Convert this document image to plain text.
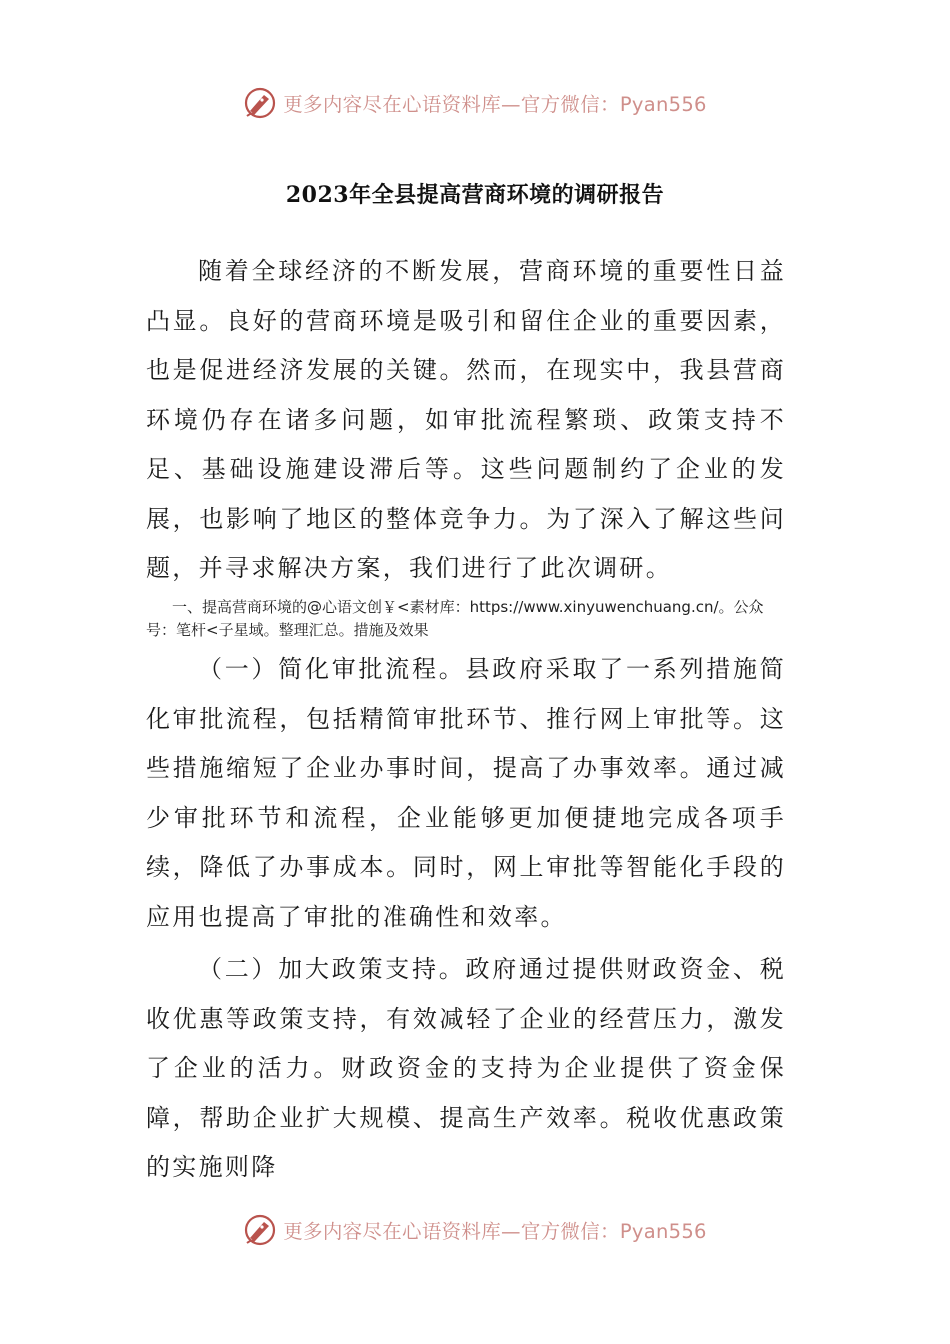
更多内容尽在心语资料库—官方微信：Pyan556
2023年全县提高营商环境的调研报告

随着全球经济的不断发展，营商环境的重要性日益凸显。良好的营商环境是吸引和留住企业的重要因素，也是促进经济发展的关键。然而，在现实中，我县营商环境仍存在诸多问题，如审批流程繁琐、政策支持不足、基础设施建设滞后等。这些问题制约了企业的发展，也影响了地区的整体竞争力。为了深入了解这些问题，并寻求解决方案，我们进行了此次调研。

一、提高营商环境的@心语文创￥<素材库：https://www.xinyuwenchuang.cn/。公众号：笔杆<子星域。整理汇总。措施及效果

（一）简化审批流程。县政府采取了一系列措施简化审批流程，包括精简审批环节、推行网上审批等。这些措施缩短了企业办事时间，提高了办事效率。通过减少审批环节和流程，企业能够更加便捷地完成各项手续，降低了办事成本。同时，网上审批等智能化手段的应用也提高了审批的准确性和效率。

（二）加大政策支持。政府通过提供财政资金、税收优惠等政策支持，有效减轻了企业的经营压力，激发了企业的活力。财政资金的支持为企业提供了资金保障，帮助企业扩大规模、提高生产效率。税收优惠政策的实施则降

更多内容尽在心语资料库—官方微信：Pyan556
